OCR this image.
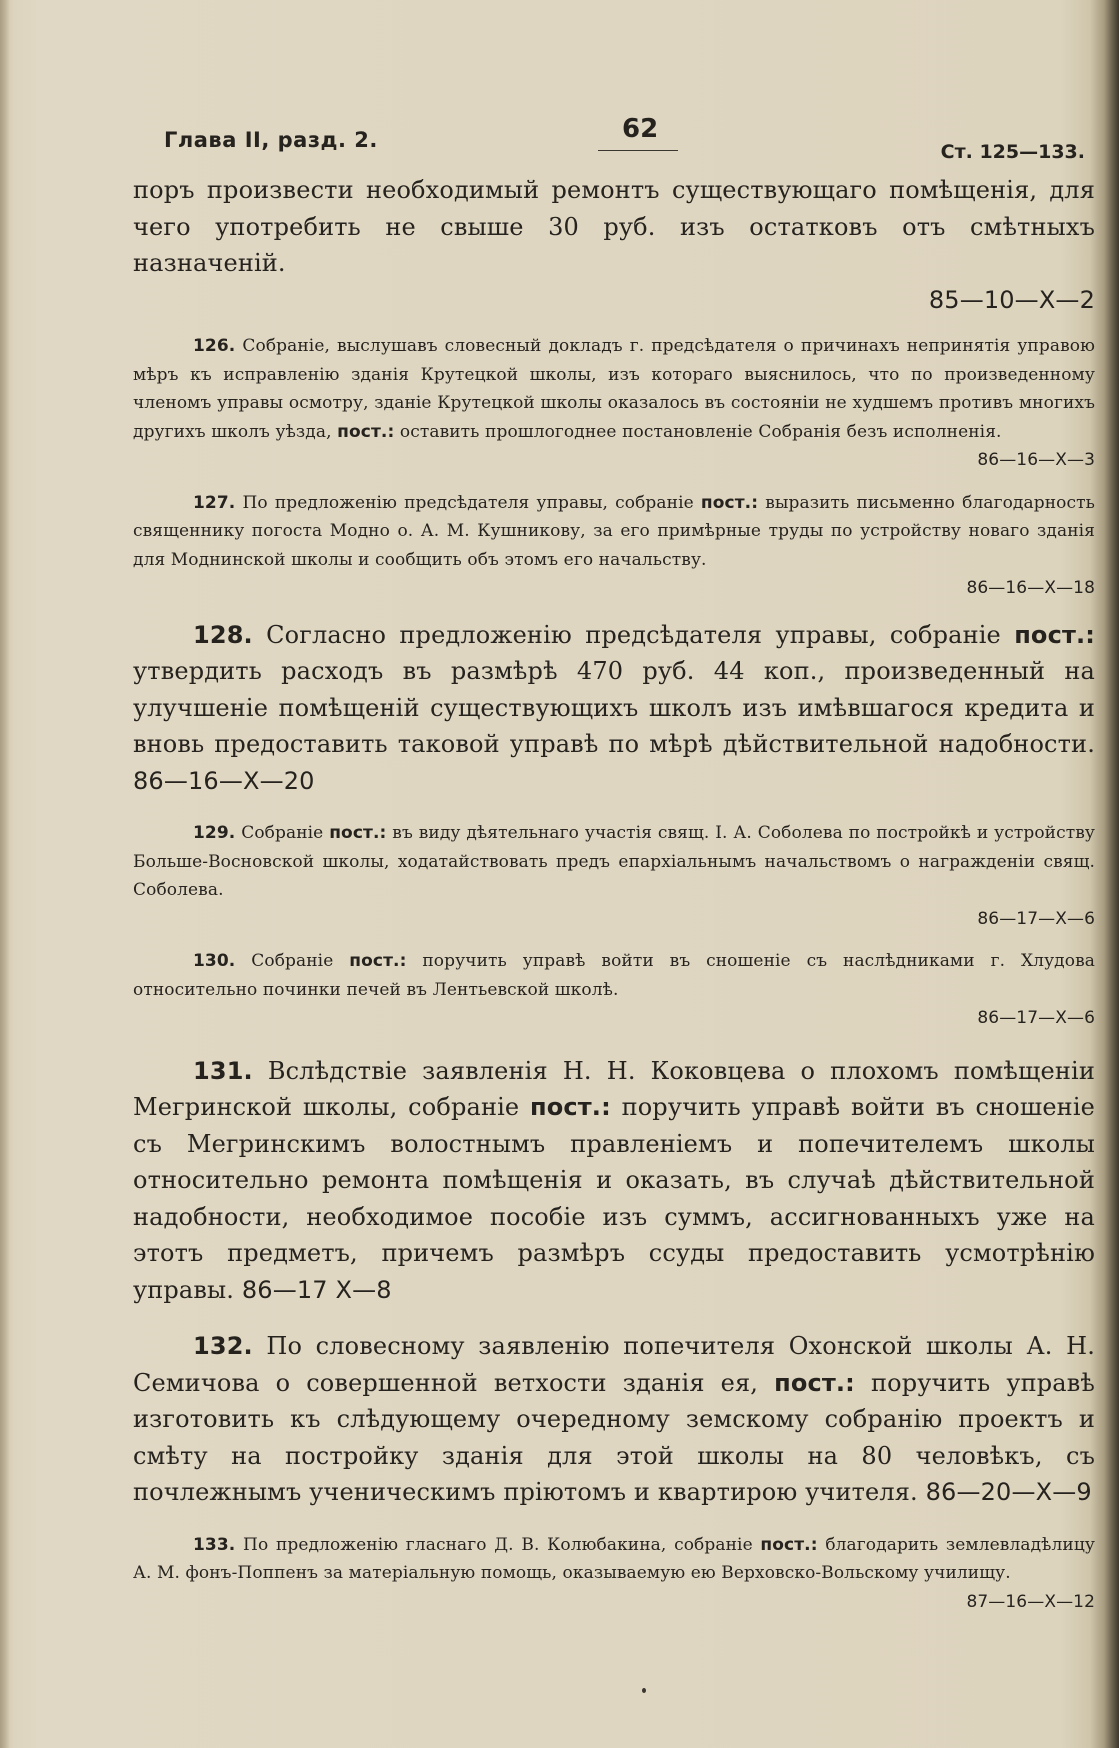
Глава II, разд. 2.	62
Ст. 125—133.
поръ произвести необходимый ремонтъ существующаго помѣщенія, для чего употребить не свыше 30 руб. изъ остатковъ отъ смѣтныхъ назначеній.
85—10—X—2
126. Собраніе, выслушавъ словесный докладъ г. предсѣдателя о причинахъ непринятія управою мѣръ къ исправленію зданія Крутецкой школы, изъ котораго выяснилось, что по произведенному членомъ управы осмотру, зданіе Крутецкой школы оказалось въ состояніи не худшемъ противъ многихъ другихъ школъ уѣзда, пост.: оставить прошлогоднее постановленіе Собранія безъ исполненія.
86—16—X—3
127. По предложенію предсѣдателя управы, собраніе пост.: выразить письменно благодарность священнику погоста Модно о. А. М. Кушникову, за его примѣрные труды по устройству новаго зданія для Моднинской школы и сообщить объ этомъ его начальству.
86—16—X—18
128. Согласно предложенію предсѣдателя управы, собраніе пост.: утвердить расходъ въ размѣрѣ 470 руб. 44 коп., произведенный на улучшеніе помѣщеній существующихъ школъ изъ имѣвшагося кредита и вновь предоставить таковой управѣ по мѣрѣ дѣйствительной надобности. 86—16—X—20
129. Собраніе пост.: въ виду дѣятельнаго участія свящ. I. А. Соболева по постройкѣ и устройству Больше-Восновской школы, ходатайствовать предъ епархіальнымъ начальствомъ о награжденіи свящ. Соболева.
86—17—X—6
130. Собраніе пост.: поручить управѣ войти въ сношеніе съ наслѣдниками г. Хлудова относительно починки печей въ Лентьевской школѣ.
86—17—X—6
131. Вслѣдствіе заявленія Н. Н. Коковцева о плохомъ помѣщеніи Мегринской школы, собраніе пост.: поручить управѣ войти въ сношеніе съ Мегринскимъ волостнымъ правленіемъ и попечителемъ школы относительно ремонта помѣщенія и оказать, въ случаѣ дѣйствительной надобности, необходимое пособіе изъ суммъ, ассигнованныхъ уже на этотъ предметъ, причемъ размѣръ ссуды предоставить усмотрѣнію управы. 86—17 X—8
132. По словесному заявленію попечителя Охонской школы А. Н. Семичова о совершенной ветхости зданія ея, пост.: поручить управѣ изготовить къ слѣдующему очередному земскому собранію проектъ и смѣту на постройку зданія для этой школы на 80 человѣкъ, съ почлежнымъ ученическимъ пріютомъ и квартирою учителя. 86—20—X—9
133. По предложенію гласнаго Д. В. Колюбакина, собраніе пост.: благодарить землевладѣлицу А. М. фонъ-Поппенъ за матеріальную помощь, оказываемую ею Верховско-Вольскому училищу.
87—16—X—12
